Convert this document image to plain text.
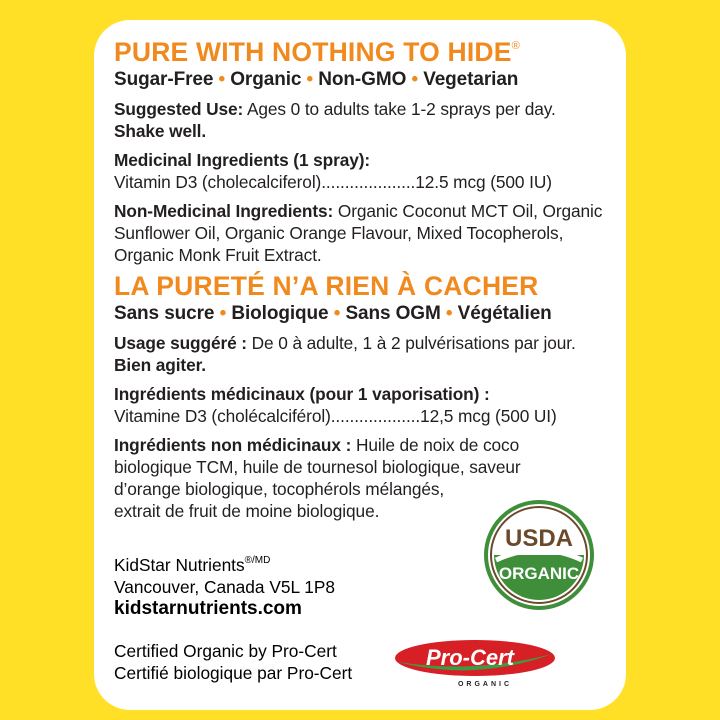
PURE WITH NOTHING TO HIDE®
Sugar-Free • Organic • Non-GMO • Vegetarian

Suggested Use: Ages 0 to adults take 1-2 sprays per day.
Shake well.

Medicinal Ingredients (1 spray):

Vitamin D3 (cholecalciferol)....................12.5 mcg (500 IU)

Non-Medicinal Ingredients: Organic Coconut MCT Oil, Organic Sunflower Oil, Organic Orange Flavour, Mixed Tocopherols, Organic Monk Fruit Extract.

LA PURETÉ N’A RIEN À CACHER
Sans sucre • Biologique • Sans OGM • Végétalien

Usage suggéré : De 0 à adulte, 1 à 2 pulvérisations par jour.
Bien agiter.

Ingrédients médicinaux (pour 1 vaporisation) :

Vitamine D3 (cholécalciférol)...................12,5 mcg (500 UI)

Ingrédients non médicinaux : Huile de noix de coco
biologique TCM, huile de tournesol biologique, saveur
d’orange biologique, tocophérols mélangés,
extrait de fruit de moine biologique.

KidStar Nutrients$^{®/MD}$
Vancouver, Canada V5L 1P8
kidstarnutrients.com
Certified Organic by Pro-Cert
Certifié biologique par Pro-Cert
USDA
ORGANIC
Pro-Cert
ORGANIC
